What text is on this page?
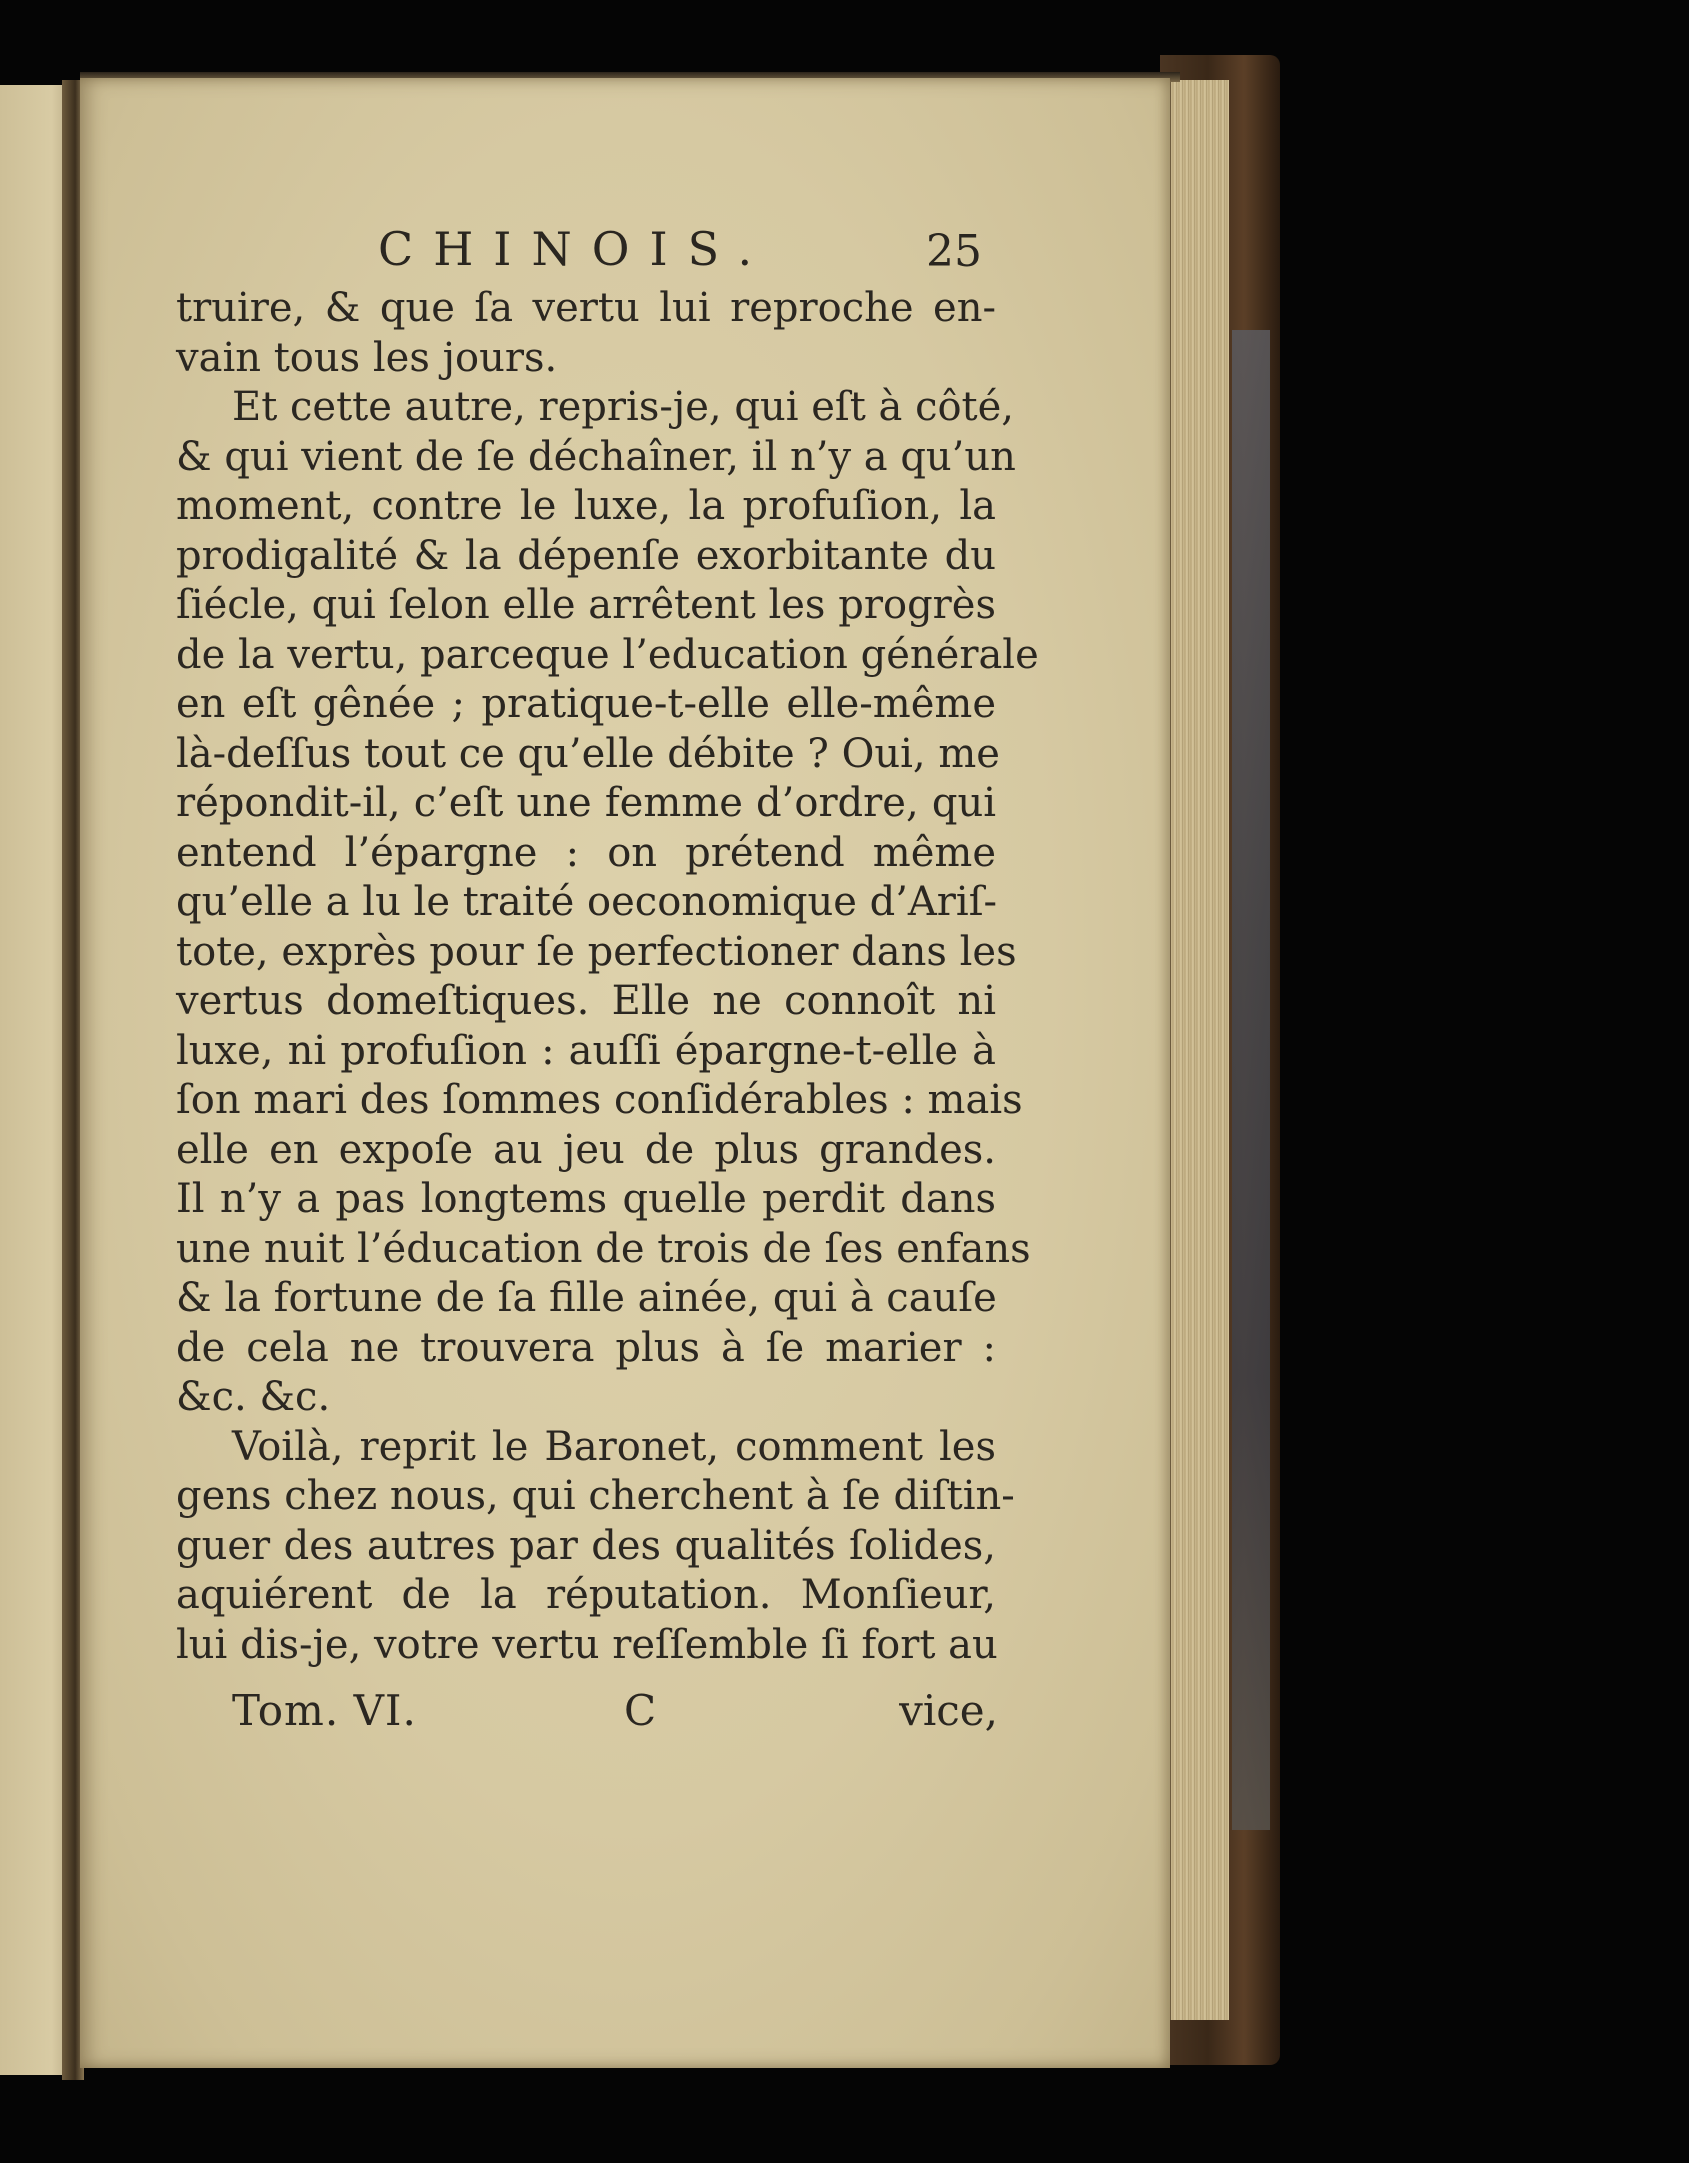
CHINOIS.	25
truire, & que ſa vertu lui reproche en-
vain tous les jours.
Et cette autre, repris-je, qui eſt à côté,
& qui vient de ſe déchaîner, il n’y a qu’un
moment, contre le luxe, la profuſion, la
prodigalité & la dépenſe exorbitante du
ſiécle, qui ſelon elle arrêtent les progrès
de la vertu, parceque l’education générale
en eſt gênée ; pratique-t-elle elle-même
là-deſſus tout ce qu’elle débite ? Oui, me
répondit-il, c’eſt une femme d’ordre, qui
entend l’épargne : on prétend même
qu’elle a lu le traité oeconomique d’Ariſ-
tote, exprès pour ſe perfectioner dans les
vertus domeſtiques. Elle ne connoît ni
luxe, ni profuſion : auſſi épargne-t-elle à
ſon mari des ſommes conſidérables : mais
elle en expoſe au jeu de plus grandes.
Il n’y a pas longtems quelle perdit dans
une nuit l’éducation de trois de ſes enfans
& la fortune de ſa fille ainée, qui à cauſe
de cela ne trouvera plus à ſe marier :
&c. &c.
Voilà, reprit le Baronet, comment les
gens chez nous, qui cherchent à ſe diſtin-
guer des autres par des qualités ſolides,
aquiérent de la réputation. Monſieur,
lui dis-je, votre vertu reſſemble ſi fort au
Tom. VI.	C	vice,
